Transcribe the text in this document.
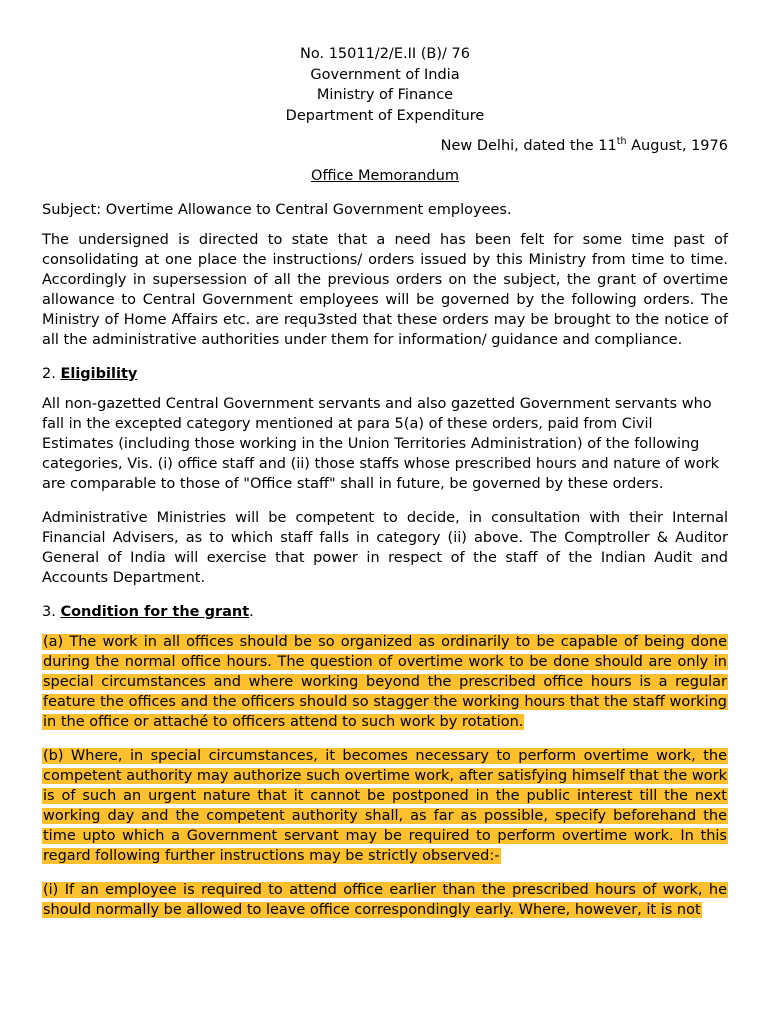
No. 15011/2/E.II (B)/ 76
Government of India
Ministry of Finance
Department of Expenditure
New Delhi, dated the 11th August, 1976
Office Memorandum

Subject: Overtime Allowance to Central Government employees.

The undersigned is directed to state that a need has been felt for some time past of consolidating at one place the instructions/ orders issued by this Ministry from time to time. Accordingly in supersession of all the previous orders on the subject, the grant of overtime allowance to Central Government employees will be governed by the following orders. The Ministry of Home Affairs etc. are requ3sted that these orders may be brought to the notice of all the administrative authorities under them for information/ guidance and compliance.

2. Eligibility

All non-gazetted Central Government servants and also gazetted Government servants who fall in the excepted category mentioned at para 5(a) of these orders, paid from Civil Estimates (including those working in the Union Territories Administration) of the following categories, Vis. (i) office staff and (ii) those staffs whose prescribed hours and nature of work are comparable to those of "Office staff" shall in future, be governed by these orders.

Administrative Ministries will be competent to decide, in consultation with their Internal Financial Advisers, as to which staff falls in category (ii) above. The Comptroller & Auditor General of India will exercise that power in respect of the staff of the Indian Audit and Accounts Department.

3. Condition for the grant.

(a) The work in all offices should be so organized as ordinarily to be capable of being done during the normal office hours. The question of overtime work to be done should are only in special circumstances and where working beyond the prescribed office hours is a regular feature the offices and the officers should so stagger the working hours that the staff working in the office or attaché to officers attend to such work by rotation.

(b) Where, in special circumstances, it becomes necessary to perform overtime work, the competent authority may authorize such overtime work, after satisfying himself that the work is of such an urgent nature that it cannot be postponed in the public interest till the next working day and the competent authority shall, as far as possible, specify beforehand the time upto which a Government servant may be required to perform overtime work. In this regard following further instructions may be strictly observed:-

(i) If an employee is required to attend office earlier than the prescribed hours of work, he should normally be allowed to leave office correspondingly early. Where, however, it is not
